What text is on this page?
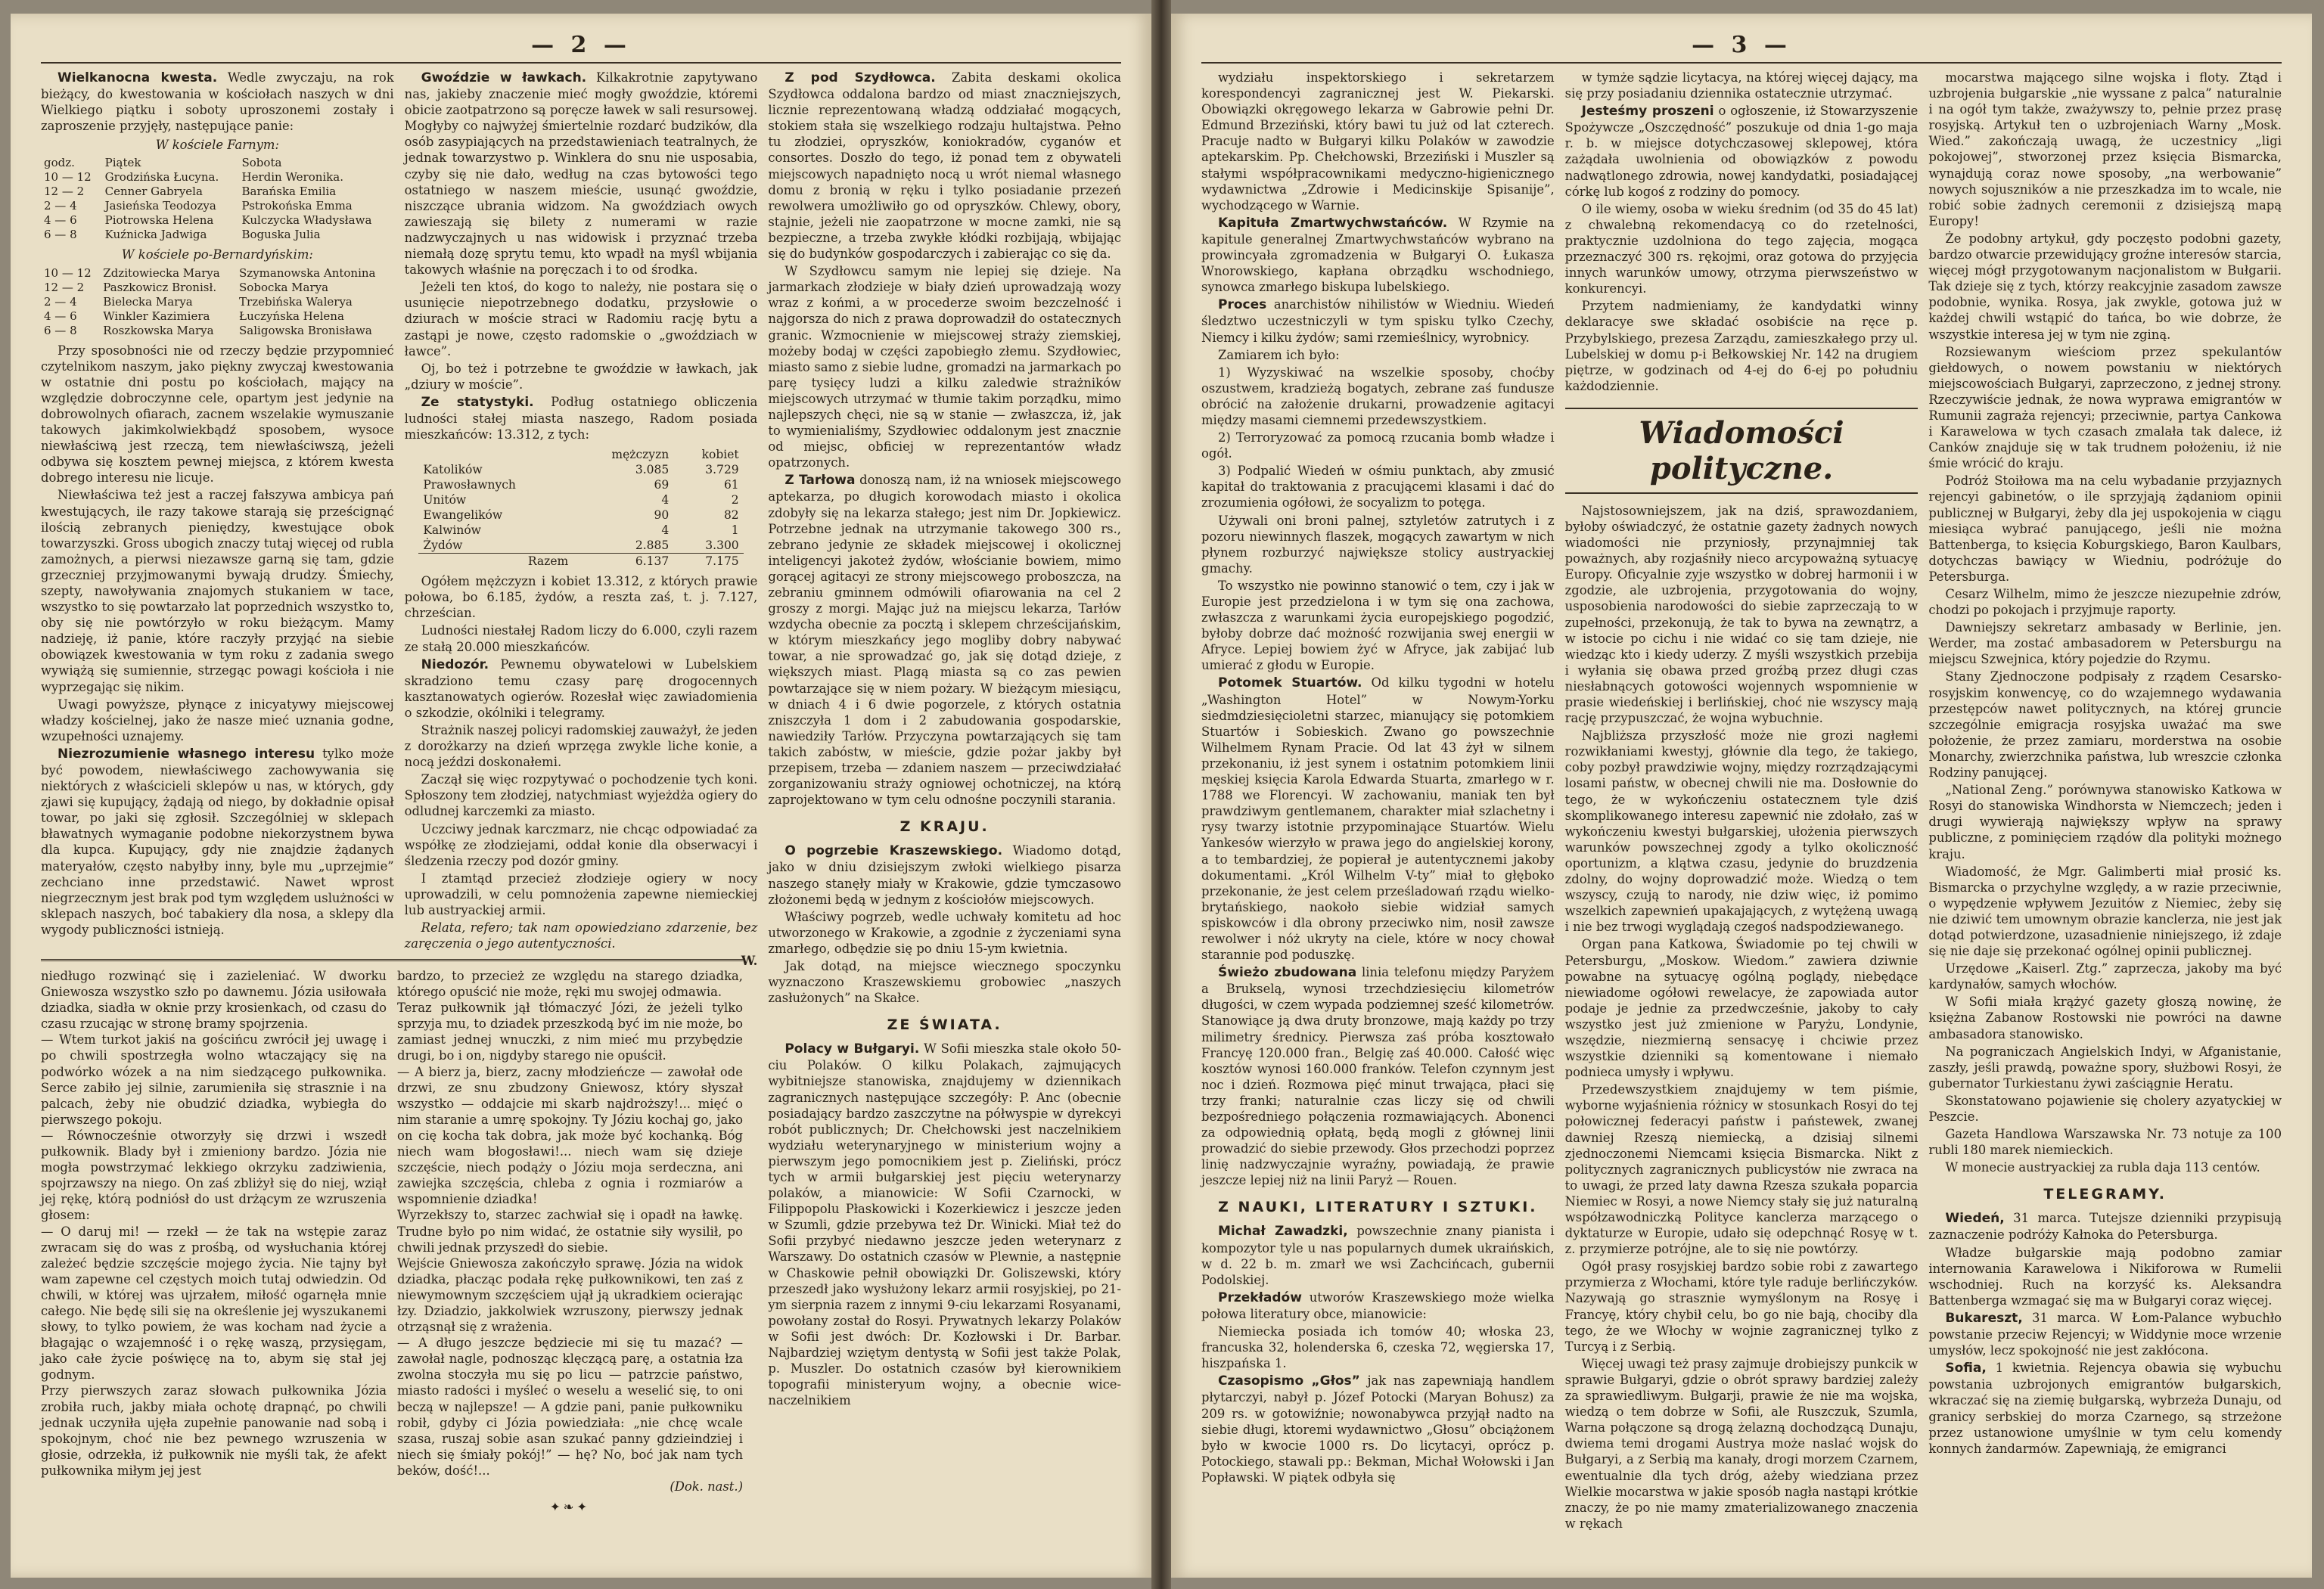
— 2 —

Wielkanocna kwesta. Wedle zwyczaju, na rok bieżący, do kwestowania w kościołach naszych w dni Wielkiego piątku i soboty uproszonemi zostały i zaproszenie przyjęły, następujące panie:

W kościele Farnym:
godz.	Piątek	Sobota
10 — 12	Grodzińska Łucyna.	Herdin Weronika.
12 — 2	Cenner Gabryela	Barańska Emilia
2 — 4	Jasieńska Teodozya	Pstrokońska Emma
4 — 6	Piotrowska Helena	Kulczycka Władysława
6 — 8	Kuźnicka Jadwiga	Boguska Julia
W kościele po-Bernardyńskim:
10 — 12	Zdzitowiecka Marya	Szymanowska Antonina
12 — 2	Paszkowicz Bronisł.	Sobocka Marya
2 — 4	Bielecka Marya	Trzebińska Walerya
4 — 6	Winkler Kazimiera	Łuczyńska Helena
6 — 8	Roszkowska Marya	Saligowska Bronisława

Przy sposobności nie od rzeczy będzie przypomnieć czytelnikom naszym, jako piękny zwyczaj kwestowania w ostatnie dni postu po kościołach, mający na względzie dobroczynne cele, opartym jest jedynie na dobrowolnych ofiarach, zacnem wszelakie wymuszanie takowych jakimkolwiekbądź sposobem, wysoce niewłaściwą jest rzeczą, tem niewłaściwszą, jeżeli odbywa się kosztem pewnej miejsca, z którem kwesta dobrego interesu nie licuje.

Niewłaściwa też jest a raczej fałszywa ambicya pań kwestujących, ile razy takowe starają się prześcignąć ilością zebranych pieniędzy, kwestujące obok towarzyszki. Gross ubogich znaczy tutaj więcej od rubla zamożnych, a pierwsi niezawsze garną się tam, gdzie grzeczniej przyjmowanymi bywają drudzy. Śmiechy, szepty, nawoływania znajomych stukaniem w tace, wszystko to się powtarzało lat poprzednich wszystko to, oby się nie powtórzyło w roku bieżącym. Mamy nadzieję, iż panie, które raczyły przyjąć na siebie obowiązek kwestowania w tym roku z zadania swego wywiążą się sumiennie, strzegąc powagi kościoła i nie wyprzegając się nikim.

Uwagi powyższe, płynące z inicyatywy miejscowej władzy kościelnej, jako że nasze mieć uznania godne, wzupełności uznajemy.

Niezrozumienie własnego interesu tylko może być powodem, niewłaściwego zachowywania się niektórych z właścicieli sklepów u nas, w których, gdy zjawi się kupujący, żądają od niego, by dokładnie opisał towar, po jaki się zgłosił. Szczególniej w sklepach bławatnych wymaganie podobne niekorzystnem bywa dla kupca. Kupujący, gdy nie znajdzie żądanych materyałów, często nabyłby inny, byle mu „uprzejmie” zechciano inne przedstawić. Nawet wprost niegrzecznym jest brak pod tym względem uslużności w sklepach naszych, boć tabakiery dla nosa, a sklepy dla wygody publiczności istnieją.

Gwoździe w ławkach. Kilkakrotnie zapytywano nas, jakieby znaczenie mieć mogły gwoździe, któremi obicie zaotpatrzono są poręcze ławek w sali resursowej. Mogłyby co najwyżej śmiertelnie rozdarć budzików, dla osób zasypiających na przedstawieniach teatralnych, że jednak towarzystwo p. Winklera do snu nie usposabia, czyby się nie dało, według na czas bytowości tego ostatniego w naszem mieście, usunąć gwoździe, niszczące ubrania widzom. Na gwoździach owych zawieszają się bilety z numerami w razie nadzwyczajnych u nas widowisk i przyznać trzeba niemałą dozę sprytu temu, kto wpadł na myśl wbijania takowych właśnie na poręczach i to od środka.

Jeżeli ten ktoś, do kogo to należy, nie postara się o usunięcie niepotrzebnego dodatku, przysłowie o dziurach w moście straci w Radomiu rację bytu a zastąpi je nowe, często radomskie o „gwoździach w ławce”.

Oj, bo też i potrzebne te gwoździe w ławkach, jak „dziury w moście”.

Ze statystyki. Podług ostatniego obliczenia ludności stałej miasta naszego, Radom posiada mieszkańców: 13.312, z tych:

	mężczyzn	kobiet
Katolików	3.085	3.729
Prawosławnych	69	61
Unitów	4	2
Ewangelików	90	82
Kalwinów	4	1
Żydów	2.885	3.300
Razem	6.137	7.175

Ogółem mężczyzn i kobiet 13.312, z których prawie połowa, bo 6.185, żydów, a reszta zaś, t. j. 7.127, chrześcian.

Ludności niestałej Radom liczy do 6.000, czyli razem ze stałą 20.000 mieszkańców.

Niedozór. Pewnemu obywatelowi w Lubelskiem skradziono temu czasy parę drogocennych kasztanowatych ogierów. Rozesłał więc zawiadomienia o szkodzie, okólniki i telegramy.

Strażnik naszej policyi radomskiej zauważył, że jeden z dorożkarzy na dzień wprzęga zwykle liche konie, a nocą jeździ doskonałemi.

Zaczął się więc rozpytywać o pochodzenie tych koni. Spłoszony tem złodziej, natychmiast wyjeżdża ogiery do odludnej karczemki za miasto.

Uczciwy jednak karczmarz, nie chcąc odpowiadać za współkę ze złodziejami, oddał konie dla obserwacyi i śledzenia rzeczy pod dozór gminy.

I ztamtąd przecież złodzieje ogiery w nocy uprowadzili, w celu pomnożenia zapewne niemieckiej lub austryackiej armii.

Relata, refero; tak nam opowiedziano zdarzenie, bez zaręczenia o jego autentyczności.

W.

Z pod Szydłowca. Zabita deskami okolica Szydłowca oddalona bardzo od miast znaczniejszych, licznie reprezentowaną władzą oddziałać mogących, stokiem stała się wszelkiego rodzaju hultajstwa. Pełno tu złodziei, opryszków, koniokradów, cyganów et consortes. Doszło do tego, iż ponad tem z obywateli miejscowych napadnięto nocą u wrót niemal własnego domu z bronią w ręku i tylko posiadanie przezeń rewolwera umożliwiło go od opryszków. Chlewy, obory, stajnie, jeżeli nie zaopatrzone w mocne zamki, nie są bezpieczne, a trzeba zwykłe kłódki rozbijają, wbijając się do budynków gospodarczych i zabierając co się da.

W Szydłowcu samym nie lepiej się dzieje. Na jarmarkach złodzieje w biały dzień uprowadzają wozy wraz z końmi, a w procederze swoim bezczelność i najgorsza do nich z prawa doprowadził do ostatecznych granic. Wzmocnienie w miejscowej straży ziemskiej, możeby bodaj w części zapobiegło złemu. Szydłowiec, miasto samo z siebie ludne, gromadzi na jarmarkach po parę tysięcy ludzi a kilku zaledwie strażników miejscowych utrzymać w tłumie takim porządku, mimo najlepszych chęci, nie są w stanie — zwłaszcza, iż, jak to wymienialiśmy, Szydłowiec oddalonym jest znacznie od miejsc, obficiej w reprezentantów władz opatrzonych.

Z Tarłowa donoszą nam, iż na wniosek miejscowego aptekarza, po długich korowodach miasto i okolica zdobyły się na lekarza stałego; jest nim Dr. Jopkiewicz. Potrzebne jednak na utrzymanie takowego 300 rs., zebrano jedynie ze składek miejscowej i okolicznej inteligencyi jakoteż żydów, włościanie bowiem, mimo gorącej agitacyi ze strony miejscowego proboszcza, na zebraniu gminnem odmówili ofiarowania na cel 2 groszy z morgi. Mając już na miejscu lekarza, Tarłów wzdycha obecnie za pocztą i sklepem chrześcijańskim, w którym mieszkańcy jego mogliby dobry nabywać towar, a nie sprowadzać go, jak się dotąd dzieje, z większych miast. Plagą miasta są co zas pewien powtarzające się w niem pożary. W bieżącym miesiącu, w dniach 4 i 6 dwie pogorzele, z których ostatnia zniszczyła 1 dom i 2 zabudowania gospodarskie, nawiedziły Tarłów. Przyczyna powtarzających się tam takich zabóstw, w mieście, gdzie pożar jakby był przepisem, trzeba — zdaniem naszem — przeciwdziałać zorganizowaniu straży ogniowej ochotniczej, na którą zaprojektowano w tym celu odnośne poczynili starania.

Z KRAJU.

O pogrzebie Kraszewskiego. Wiadomo dotąd, jako w dniu dzisiejszym zwłoki wielkiego pisarza naszego stanęły miały w Krakowie, gdzie tymczasowo złożonemi będą w jednym z kościołów miejscowych.

Właściwy pogrzeb, wedle uchwały komitetu ad hoc utworzonego w Krakowie, a zgodnie z życzeniami syna zmarłego, odbędzie się po dniu 15-ym kwietnia.

Jak dotąd, na miejsce wiecznego spoczynku wyznaczono Kraszewskiemu grobowiec „naszych zasłużonych” na Skałce.

ZE ŚWIATA.

Polacy w Bułgaryi. W Sofii mieszka stale około 50-ciu Polaków. O kilku Polakach, zajmujących wybitniejsze stanowiska, znajdujemy w dziennikach zagranicznych następujące szczegóły: P. Anc (obecnie posiadający bardzo zaszczytne na półwyspie w dyrekcyi robót publicznych; Dr. Chełchowski jest naczelnikiem wydziału weterynaryjnego w ministerium wojny a pierwszym jego pomocnikiem jest p. Zieliński, prócz tych w armii bułgarskiej jest pięciu weterynarzy polaków, a mianowicie: W Sofii Czarnocki, w Filippopolu Płaskowicki i Kozerkiewicz i jeszcze jeden w Szumli, gdzie przebywa też Dr. Winicki. Miał też do Sofii przybyć niedawno jeszcze jeden weterynarz z Warszawy. Do ostatnich czasów w Plewnie, a następnie w Chaskowie pełnił obowiązki Dr. Goliszewski, który przeszedł jako wysłużony lekarz armii rosyjskiej, po 21-ym sierpnia razem z innymi 9-ciu lekarzami Rosyanami, powołany został do Rosyi. Prywatnych lekarzy Polaków w Sofii jest dwóch: Dr. Kozłowski i Dr. Barbar. Najbardziej wziętym dentystą w Sofii jest także Polak, p. Muszler. Do ostatnich czasów był kierownikiem topografii ministeryum wojny, a obecnie wice-naczelnikiem

niedługo rozwinąć się i zazieleniać. W dworku Gniewosza wszystko szło po dawnemu. Józia usiłowała dziadka, siadła w oknie przy krosienkach, od czasu do czasu rzucając w stronę bramy spojrzenia.
— Wtem turkot jakiś na gościńcu zwrócił jej uwagę i po chwili spostrzegła wolno wtaczający się na podwórko wózek a na nim siedzącego pułkownika. Serce zabiło jej silnie, zarumieniła się strasznie i na palcach, żeby nie obudzić dziadka, wybiegła do pierwszego pokoju.
— Równocześnie otworzyły się drzwi i wszedł pułkownik. Blady był i zmieniony bardzo. Józia nie mogła powstrzymać lekkiego okrzyku zadziwienia, spojrzawszy na niego. On zaś zbliżył się do niej, wziął jej rękę, którą podniósł do ust drżącym ze wzruszenia głosem:
— O daruj mi! — rzekł — że tak na wstępie zaraz zwracam się do was z prośbą, od wysłuchania której zależeć będzie szczęście mojego życia. Nie tajny był wam zapewne cel częstych moich tutaj odwiedzin. Od chwili, w której was ujrzałem, miłość ogarnęła mnie całego. Nie będę sili się na określenie jej wyszukanemi słowy, to tylko powiem, że was kocham nad życie a błagając o wzajemność i o rękę waszą, przysięgam, jako całe życie poświęcę na to, abym się stał jej godnym.
Przy pierwszych zaraz słowach pułkownika Józia zrobiła ruch, jakby miała ochotę drapnąć, po chwili jednak uczyniła ujęła zupełnie panowanie nad sobą i spokojnym, choć nie bez pewnego wzruszenia w głosie, odrzekła, iż pułkownik nie myśli tak, że afekt pułkownika miłym jej jest
bardzo, to przecież ze względu na starego dziadka, którego opuścić nie może, ręki mu swojej odmawia.
Teraz pułkownik jął tłómaczyć Józi, że jeżeli tylko sprzyja mu, to dziadek przeszkodą być im nie może, bo zamiast jednej wnuczki, z nim mieć mu przybędzie drugi, bo i on, nigdyby starego nie opuścił.
— A bierz ja, bierz, zacny młodzieńcze — zawołał ode drzwi, ze snu zbudzony Gniewosz, który słyszał wszystko — oddajcie mi skarb najdroższy!... mięć o nim staranie a umrę spokojny. Ty Józiu kochaj go, jako on cię kocha tak dobra, jak może być kochanką. Bóg niech wam błogosławi!... niech wam się dzieje szczęście, niech podąży o Józiu moja serdeczna, ani zawiejka szczęścia, chleba z ognia i rozmiarów a wspomnienie dziadka!
Wyrzekłszy to, starzec zachwiał się i opadł na ławkę. Trudne było po nim widać, że ostatnie siły wysilił, po chwili jednak przyszedł do siebie.
Wejście Gniewosza zakończyło sprawę. Józia na widok dziadka, płacząc podała rękę pułkownikowi, ten zaś z niewymownym szczęściem ujął ją ukradkiem ocierając łzy. Dziadzio, jakkolwiek wzruszony, pierwszy jednak otrząsnął się z wrażenia.
— A długo jeszcze będziecie mi się tu mazać? — zawołał nagle, podnosząc klęczącą parę, a ostatnia łza zwolna stoczyła mu się po licu — patrzcie państwo, miasto radości i myśleć o weselu a weselić się, to oni beczą w najlepsze! — A gdzie pani, panie pułkowniku robił, gdyby ci Józia powiedziała: „nie chcę wcale szasa, ruszaj sobie asan szukać panny gdzieindziej i niech się śmiały pokój!” — hę? No, boć jak nam tych beków, dość!...
(Dok. nast.)
✦❧✦
— 3 —

wydziału inspektorskiego i sekretarzem korespondencyi zagranicznej jest W. Piekarski. Obowiązki okręgowego lekarza w Gabrowie pełni Dr. Edmund Brzeziński, który bawi tu już od lat czterech. Pracuje nadto w Bułgaryi kilku Polaków w zawodzie aptekarskim. Pp. Chełchowski, Brzeziński i Muszler są stałymi współpracownikami medyczno-higienicznego wydawnictwa „Zdrowie i Medicinskije Spisanije”, wychodzącego w Warnie.

Kapituła Zmartwychwstańców. W Rzymie na kapitule generalnej Zmartwychwstańców wybrano na prowincyała zgromadzenia w Bułgaryi O. Łukasza Wnorowskiego, kapłana obrządku wschodniego, synowca zmarłego biskupa lubelskiego.

Proces anarchistów nihilistów w Wiedniu. Wiedeń śledztwo uczestniczyli w tym spisku tylko Czechy, Niemcy i kilku żydów; sami rzemieślnicy, wyrobnicy.

Zamiarem ich było:

1) Wyzyskiwać na wszelkie sposoby, choćby oszustwem, kradzieżą bogatych, zebrane zaś fundusze obrócić na założenie drukarni, prowadzenie agitacyi między masami ciemnemi przedewszystkiem.

2) Terroryzować za pomocą rzucania bomb władze i ogół.

3) Podpalić Wiedeń w ośmiu punktach, aby zmusić kapitał do traktowania z pracującemi klasami i dać do zrozumienia ogółowi, że socyalizm to potęga.

Używali oni broni palnej, sztyletów zatrutych i z pozoru niewinnych flaszek, mogących zawartym w nich płynem rozburzyć największe stolicy austryackiej gmachy.

To wszystko nie powinno stanowić o tem, czy i jak w Europie jest przedzielona i w tym się ona zachowa, zwłaszcza z warunkami życia europejskiego pogodzić, byłoby dobrze dać możność rozwijania swej energii w Afryce. Lepiej bowiem żyć w Afryce, jak zabijać lub umierać z głodu w Europie.

Potomek Stuartów. Od kilku tygodni w hotelu „Washington Hotel” w Nowym-Yorku siedmdziesięcioletni starzec, mianujący się potomkiem Stuartów i Sobieskich. Zwano go powszechnie Wilhelmem Rynam Pracie. Od lat 43 żył w silnem przekonaniu, iż jest synem i ostatnim potomkiem linii męskiej księcia Karola Edwarda Stuarta, zmarłego w r. 1788 we Florencyi. W zachowaniu, maniak ten był prawdziwym gentlemanem, charakter miał szlachetny i rysy twarzy istotnie przypominające Stuartów. Wielu Yankesów wierzyło w prawa jego do angielskiej korony, a to tembardziej, że popierał je autentycznemi jakoby dokumentami. „Król Wilhelm V-ty” miał to głęboko przekonanie, że jest celem prześladowań rządu wielko-brytańskiego, naokoło siebie widział samych spiskowców i dla obrony przeciwko nim, nosił zawsze rewolwer i nóż ukryty na ciele, które w nocy chował starannie pod poduszkę.

Świeżo zbudowana linia telefonu między Paryżem a Brukselą, wynosi trzechdziesięciu kilometrów długości, w czem wypada podziemnej sześć kilometrów. Stanowiące ją dwa druty bronzowe, mają każdy po trzy milimetry średnicy. Pierwsza zaś próba kosztowało Francyę 120.000 fran., Belgię zaś 40.000. Całość więc kosztów wynosi 160.000 franków. Telefon czynnym jest noc i dzień. Rozmowa pięć minut trwająca, płaci się trzy franki; naturalnie czas liczy się od chwili bezpośredniego połączenia rozmawiających. Abonenci za odpowiednią opłatą, będą mogli z głównej linii prowadzić do siebie przewody. Głos przechodzi poprzez linię nadzwyczajnie wyraźny, powiadają, że prawie jeszcze lepiej niż na linii Paryż — Rouen.

Z NAUKI, LITERATURY I SZTUKI.

Michał Zawadzki, powszechnie znany pianista i kompozytor tyle u nas popularnych dumek ukraińskich, w d. 22 b. m. zmarł we wsi Zachcińcach, gubernii Podolskiej.

Przekładów utworów Kraszewskiego może wielka połowa literatury obce, mianowicie:

Niemiecka posiada ich tomów 40; włoska 23, francuska 32, holenderska 6, czeska 72, węgierska 17, hiszpańska 1.

Czasopismo „Głos” jak nas zapewniają handlem płytarczyi, nabył p. Józef Potocki (Maryan Bohusz) za 209 rs. w gotowiźnie; nowonabywca przyjął nadto na siebie długi, ktoremi wydawnictwo „Głosu” obciążonem było w kwocie 1000 rs. Do licytacyi, oprócz p. Potockiego, stawali pp.: Bekman, Michał Wołowski i Jan Popławski. W piątek odbyła się

w tymże sądzie licytacya, na której więcej dający, ma się przy posiadaniu dziennika ostatecznie utrzymać.

Jesteśmy proszeni o ogłoszenie, iż Stowarzyszenie Spożywcze „Oszczędność” poszukuje od dnia 1-go maja r. b. w miejsce dotychczasowej sklepowej, która zażądała uwolnienia od obowiązków z powodu nadwątlonego zdrowia, nowej kandydatki, posiadającej córkę lub kogoś z rodziny do pomocy.

O ile wiemy, osoba w wieku średnim (od 35 do 45 lat) z chwalebną rekomendacyą co do rzetelności, praktycznie uzdolniona do tego zajęcia, mogąca przeznaczyć 300 rs. rękojmi, oraz gotowa do przyjęcia innych warunków umowy, otrzyma pierwszeństwo w konkurencyi.

Przytem nadmieniamy, że kandydatki winny deklaracye swe składać osobiście na ręce p. Przybylskiego, prezesa Zarządu, zamieszkałego przy ul. Lubelskiej w domu p-i Bełkowskiej Nr. 142 na drugiem piętrze, w godzinach od 4-ej do 6-ej po południu każdodziennie.

Wiadomości polityczne.

Najstosowniejszem, jak na dziś, sprawozdaniem, byłoby oświadczyć, że ostatnie gazety żadnych nowych wiadomości nie przyniosły, przynajmniej tak poważnych, aby rozjaśniły nieco arcypoważną sytuacyę Europy. Oficyalnie zyje wszystko w dobrej harmonii i w zgodzie, ale uzbrojenia, przygotowania do wojny, usposobienia narodowości do siebie zaprzeczają to w zupełności, przekonują, że tak to bywa na zewnątrz, a w istocie po cichu i nie widać co się tam dzieje, nie wiedząc kto i kiedy uderzy. Z myśli wszystkich przebija i wyłania się obawa przed groźbą przez długi czas niesłabnących gotowości wojennych wspomnienie w prasie wiedeńskiej i berlińskiej, choć nie wszyscy mają rację przypuszczać, że wojna wybuchnie.

Najbliższa przyszłość może nie grozi nagłemi rozwikłaniami kwestyj, głównie dla tego, że takiego, coby pozbył prawdziwie wojny, między rozrządzającymi losami państw, w obecnej chwili nie ma. Dosłownie do tego, że w wykończeniu ostatecznem tyle dziś skomplikowanego interesu zapewnić nie zdołało, zaś w wykończeniu kwestyi bułgarskiej, ułożenia pierwszych warunków powszechnej zgody a tylko okoliczność oportunizm, a klątwa czasu, jedynie do bruzdzenia zdolny, do wojny doprowadzić może. Wiedzą o tem wszyscy, czują to narody, nie dziw więc, iż pomimo wszelkich zapewnień upakajających, z wytężeną uwagą i nie bez trwogi wyglądają czegoś nadspodziewanego.

Organ pana Katkowa, Świadomie po tej chwili w Petersburgu, „Moskow. Wiedom.” zawiera dziwnie powabne na sytuacyę ogólną poglądy, niebędące niewiadome ogółowi rewelacye, że zapowiada autor podaje je jednie za przedwcześnie, jakoby to cały wszystko jest już zmienione w Paryżu, Londynie, wszędzie, niezmierną sensacyę i chciwie przez wszystkie dzienniki są komentowane i niemało podnieca umysły i wpływu.

Przedewszystkiem znajdujemy w tem piśmie, wyborne wyjaśnienia różnicy w stosunkach Rosyi do tej połowicznej federacyi państw i państewek, zwanej dawniej Rzeszą niemiecką, a dzisiaj silnemi zjednoczonemi Niemcami księcia Bismarcka. Nikt z politycznych zagranicznych publicystów nie zwraca na to uwagi, że przed laty dawna Rzesza szukała poparcia Niemiec w Rosyi, a nowe Niemcy stały się już naturalną współzawodniczką Polityce kanclerza marzącego o dyktaturze w Europie, udało się odepchnąć Rosyę w t. z. przymierze potrójne, ale to się nie powtórzy.

Ogół prasy rosyjskiej bardzo sobie robi z zawartego przymierza z Włochami, które tyle raduje berlińczyków. Nazywają go strasznie wymyślonym na Rosyę i Francyę, który chybił celu, bo go nie bają, chociby dla tego, że we Włochy w wojnie zagranicznej tylko z Turcyą i z Serbią.

Więcej uwagi też prasy zajmuje drobiejszy punkcik w sprawie Bułgaryi, gdzie o obrót sprawy bardziej zależy za sprawiedliwym. Bułgarji, prawie że nie ma wojska, wiedzą o tem dobrze w Sofii, ale Ruszczuk, Szumla, Warna połączone są drogą żelazną dochodzącą Dunaju, dwiema temi drogami Austrya może naslać wojsk do Bułgaryi, a z Serbią ma kanały, drogi morzem Czarnem, ewentualnie dla tych dróg, ażeby wiedziana przez Wielkie mocarstwa w jakie sposób nagła nastąpi krótkie znaczy, że po nie mamy zmaterializowanego znaczenia w rękach

mocarstwa mającego silne wojska i floty. Ztąd i uzbrojenia bułgarskie „nie wyssane z palca” naturalnie i na ogół tym także, zważywszy to, pełnie przez prasę rosyjską. Artykuł ten o uzbrojeniach Warny „Mosk. Wied.” zakończają uwagą, że uczestnicy „ligi pokojowej”, stworzonej przez księcia Bismarcka, wynajdują coraz nowe sposoby, „na werbowanie” nowych sojuszników a nie przeszkadza im to wcale, nie robić sobie żadnych ceremonii z dzisiejszą mapą Europy!

Że podobny artykuł, gdy poczęsto podobni gazety, bardzo otwarcie przewidujący groźne interesów starcia, więcej mógł przygotowanym nacjonalistom w Bułgarii. Tak dzieje się z tych, którzy reakcyjnie zasadom zawsze podobnie, wynika. Rosya, jak zwykle, gotowa już w każdej chwili wstąpić do tańca, bo wie dobrze, że wszystkie interesa jej w tym nie zginą.

Rozsiewanym wieściom przez spekulantów giełdowych, o nowem powstaniu w niektórych miejscowościach Bułgaryi, zaprzeczono, z jednej strony. Rzeczywiście jednak, że nowa wyprawa emigrantów w Rumunii zagraża rejencyi; przeciwnie, partya Cankowa i Karawelowa w tych czasach zmalała tak dalece, iż Canków znajduje się w tak trudnem położeniu, iż nie śmie wrócić do kraju.

Podróż Stoiłowa ma na celu wybadanie przyjaznych rejencyi gabinetów, o ile sprzyjają żądaniom opinii publicznej w Bułgaryi, żeby dla jej uspokojenia w ciągu miesiąca wybrać panującego, jeśli nie można Battenberga, to księcia Koburgskiego, Baron Kaulbars, dotychczas bawiący w Wiedniu, podróżuje do Petersburga.

Cesarz Wilhelm, mimo że jeszcze niezupełnie zdrów, chodzi po pokojach i przyjmuje raporty.

Dawniejszy sekretarz ambasady w Berlinie, jen. Werder, ma zostać ambasadorem w Petersburgu na miejscu Szwejnica, który pojedzie do Rzymu.

Stany Zjednoczone podpisały z rządem Cesarsko-rosyjskim konwencyę, co do wzajemnego wydawania przestępców nawet politycznych, na której gruncie szczególnie emigracja rosyjska uważać ma swe położenie, że przez zamiaru, morderstwa na osobie Monarchy, zwierzchnika państwa, lub wreszcie członka Rodziny panującej.

„National Zeng.” porównywa stanowisko Katkowa w Rosyi do stanowiska Windhorsta w Niemczech; jeden i drugi wywierają największy wpływ na sprawy publiczne, z pominięciem rządów dla polityki możnego kraju.

Wiadomość, że Mgr. Galimberti miał prosić ks. Bismarcka o przychylne względy, a w razie przeciwnie, o wypędzenie wpływem Jezuitów z Niemiec, żeby się nie dziwić tem umownym obrazie kanclerza, nie jest jak dotąd potwierdzone, uzasadnienie niniejszego, iż zdaje się nie daje się przekonać ogólnej opinii publicznej.

Urzędowe „Kaiserl. Ztg.” zaprzecza, jakoby ma być kardynałów, samych włochów.

W Sofii miała krążyć gazety głoszą nowinę, że księżna Zabanow Rostowski nie powróci na dawne ambasadora stanowisko.

Na pograniczach Angielskich Indyi, w Afganistanie, zaszły, jeśli prawdą, poważne spory, służbowi Rosyi, że gubernator Turkiestanu żywi zaściągnie Heratu.

Skonstatowano pojawienie się cholery azyatyckiej w Peszcie.

Gazeta Handlowa Warszawska Nr. 73 notuje za 100 rubli 180 marek niemieckich.

W monecie austryackiej za rubla daja 113 centów.

TELEGRAMY.

Wiedeń, 31 marca. Tutejsze dzienniki przypisują zaznaczenie podróży Kałnoka do Petersburga.

Władze bułgarskie mają podobno zamiar internowania Karawelowa i Nikiforowa w Rumelii wschodniej. Ruch na korzyść ks. Aleksandra Battenberga wzmagać się ma w Bułgaryi coraz więcej.

Bukareszt, 31 marca. W Łom-Palance wybuchło powstanie przeciw Rejencyi; w Widdynie moce wrzenie umysłów, lecz spokojność nie jest zakłócona.

Sofia, 1 kwietnia. Rejencya obawia się wybuchu powstania uzbrojonych emigrantów bułgarskich, wkraczać się na ziemię bułgarską, wybrzeża Dunaju, od granicy serbskiej do morza Czarnego, są strzeżone przez ustanowione umyślnie w tym celu komendy konnych żandarmów. Zapewniają, że emigranci
